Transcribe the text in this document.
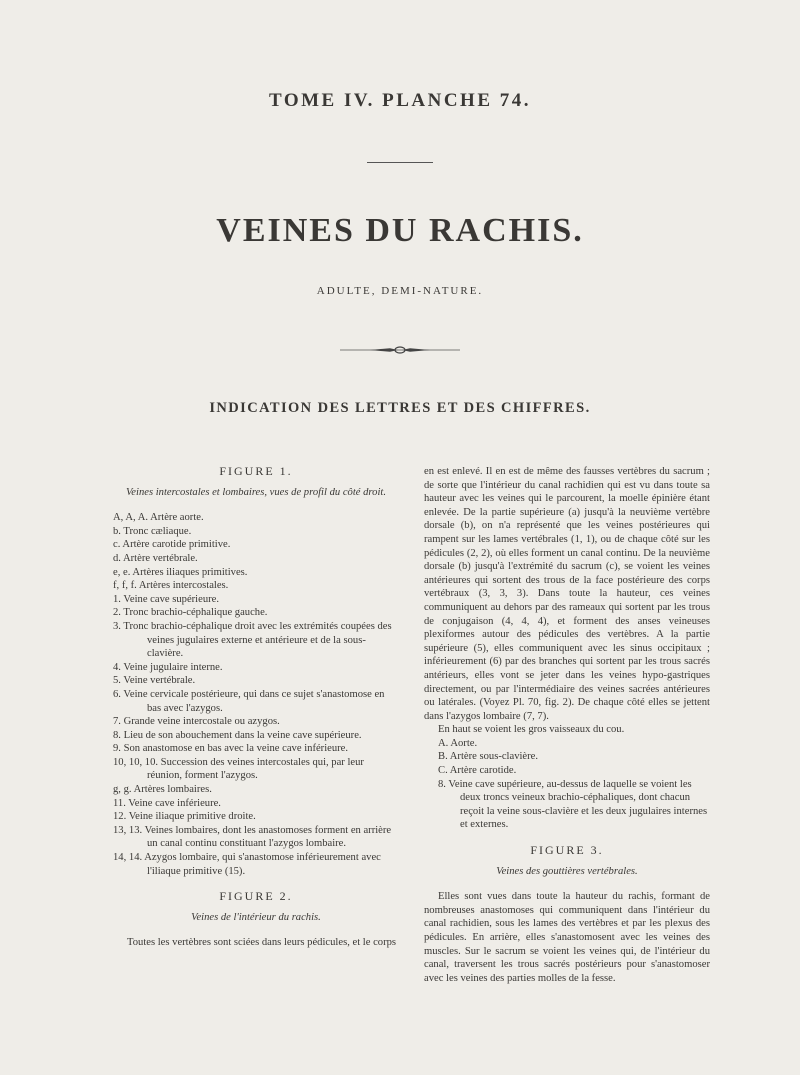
TOME IV. PLANCHE 74.
VEINES DU RACHIS.
ADULTE, DEMI-NATURE.
INDICATION DES LETTRES ET DES CHIFFRES.

FIGURE 1.

Veines intercostales et lombaires, vues de profil du côté droit.

A, A, A. Artère aorte.
b. Tronc cæliaque.
c. Artère carotide primitive.
d. Artère vertébrale.
e, e. Artères iliaques primitives.
f, f, f. Artères intercostales.
1. Veine cave supérieure.
2. Tronc brachio-céphalique gauche.
3. Tronc brachio-céphalique droit avec les extrémités coupées des veines jugulaires externe et antérieure et de la sous-clavière.
4. Veine jugulaire interne.
5. Veine vertébrale.
6. Veine cervicale postérieure, qui dans ce sujet s'anastomose en bas avec l'azygos.
7. Grande veine intercostale ou azygos.
8. Lieu de son abouchement dans la veine cave supérieure.
9. Son anastomose en bas avec la veine cave inférieure.
10, 10, 10. Succession des veines intercostales qui, par leur réunion, forment l'azygos.
g, g. Artères lombaires.
11. Veine cave inférieure.
12. Veine iliaque primitive droite.
13, 13. Veines lombaires, dont les anastomoses forment en arrière un canal continu constituant l'azygos lombaire.
14, 14. Azygos lombaire, qui s'anastomose inférieurement avec l'iliaque primitive (15).

FIGURE 2.

Veines de l'intérieur du rachis.

Toutes les vertèbres sont sciées dans leurs pédicules, et le corps

en est enlevé. Il en est de même des fausses vertèbres du sacrum ; de sorte que l'intérieur du canal rachidien qui est vu dans toute sa hauteur avec les veines qui le parcourent, la moelle épinière étant enlevée. De la partie supérieure (a) jusqu'à la neuvième vertèbre dorsale (b), on n'a représenté que les veines postérieures qui rampent sur les lames vertébrales (1, 1), ou de chaque côté sur les pédicules (2, 2), où elles forment un canal continu. De la neuvième dorsale (b) jusqu'à l'extrémité du sacrum (c), se voient les veines antérieures qui sortent des trous de la face postérieure des corps vertébraux (3, 3, 3). Dans toute la hauteur, ces veines communiquent au dehors par des rameaux qui sortent par les trous de conjugaison (4, 4, 4), et forment des anses veineuses plexiformes autour des pédicules des vertèbres. A la partie supérieure (5), elles communiquent avec les sinus occipitaux ; inférieurement (6) par des branches qui sortent par les trous sacrés antérieurs, elles vont se jeter dans les veines hypo-gastriques directement, ou par l'intermédiaire des veines sacrées antérieures ou latérales. (Voyez Pl. 70, fig. 2). De chaque côté elles se jettent dans l'azygos lombaire (7, 7).

En haut se voient les gros vaisseaux du cou.

A. Aorte.
B. Artère sous-clavière.
C. Artère carotide.
8. Veine cave supérieure, au-dessus de laquelle se voient les deux troncs veineux brachio-céphaliques, dont chacun reçoit la veine sous-clavière et les deux jugulaires internes et externes.

FIGURE 3.

Veines des gouttières vertébrales.

Elles sont vues dans toute la hauteur du rachis, formant de nombreuses anastomoses qui communiquent dans l'intérieur du canal rachidien, sous les lames des vertèbres et par les plexus des pédicules. En arrière, elles s'anastomosent avec les veines des muscles. Sur le sacrum se voient les veines qui, de l'intérieur du canal, traversent les trous sacrés postérieurs pour s'anastomoser avec les veines des parties molles de la fesse.
